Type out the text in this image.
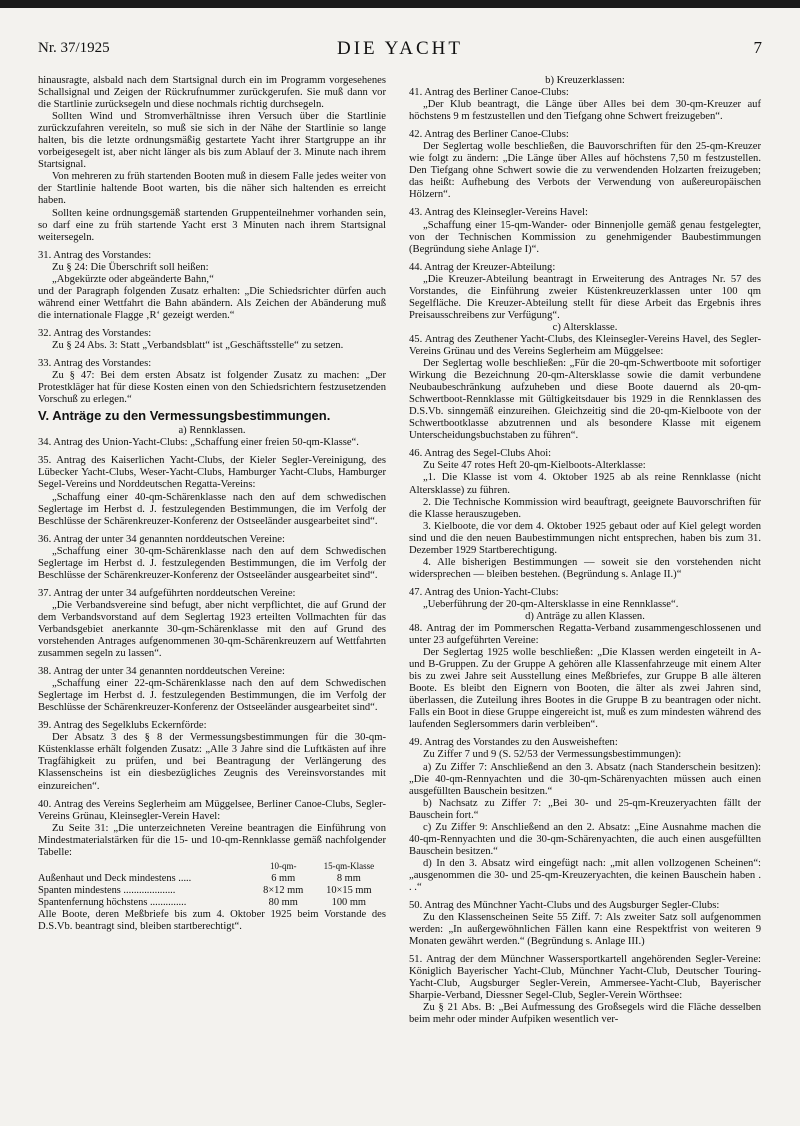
Nr. 37/1925	DIE YACHT	7

hinausragte, alsbald nach dem Startsignal durch ein im Programm vorgesehenes Schallsignal und Zeigen der Rückrufnummer zurückgerufen. Sie muß dann vor die Startlinie zurücksegeln und diese nochmals richtig durchsegeln.

Sollten Wind und Stromverhältnisse ihren Versuch über die Startlinie zurückzufahren vereiteln, so muß sie sich in der Nähe der Startlinie so lange halten, bis die letzte ordnungsmäßig gestartete Yacht ihrer Startgruppe an ihr vorbeigesegelt ist, aber nicht länger als bis zum Ablauf der 3. Minute nach ihrem Startsignal.

Von mehreren zu früh startenden Booten muß in diesem Falle jedes weiter von der Startlinie haltende Boot warten, bis die näher sich haltenden es erreicht haben.

Sollten keine ordnungsgemäß startenden Gruppenteilnehmer vorhanden sein, so darf eine zu früh startende Yacht erst 3 Minuten nach ihrem Startsignal weitersegeln.

31. Antrag des Vorstandes:

Zu § 24: Die Überschrift soll heißen:

„Abgekürzte oder abgeänderte Bahn,“

und der Paragraph folgenden Zusatz erhalten: „Die Schiedsrichter dürfen auch während einer Wettfahrt die Bahn abändern. Als Zeichen der Abänderung muß die internationale Flagge ‚R‘ gezeigt werden.“

32. Antrag des Vorstandes:

Zu § 24 Abs. 3: Statt „Verbandsblatt“ ist „Geschäftsstelle“ zu setzen.

33. Antrag des Vorstandes:

Zu § 47: Bei dem ersten Absatz ist folgender Zusatz zu machen: „Der Protestkläger hat für diese Kosten einen von den Schiedsrichtern festzusetzenden Vorschuß zu erlegen.“

V. Anträge zu den Vermessungsbestimmungen.

a) Rennklassen.

34. Antrag des Union-Yacht-Clubs: „Schaffung einer freien 50-qm-Klasse“.

35. Antrag des Kaiserlichen Yacht-Clubs, der Kieler Segler-Vereinigung, des Lübecker Yacht-Clubs, Weser-Yacht-Clubs, Hamburger Yacht-Clubs, Hamburger Segel-Vereins und Norddeutschen Regatta-Vereins:

„Schaffung einer 40-qm-Schärenklasse nach den auf dem schwedischen Seglertage im Herbst d. J. festzulegenden Bestimmungen, die im Verfolg der Beschlüsse der Schärenkreuzer-Konferenz der Ostseeländer ausgearbeitet sind“.

36. Antrag der unter 34 genannten norddeutschen Vereine:

„Schaffung einer 30-qm-Schärenklasse nach den auf dem Schwedischen Seglertage im Herbst d. J. festzulegenden Bestimmungen, die im Verfolg der Beschlüsse der Schärenkreuzer-Konferenz der Ostseeländer ausgearbeitet sind“.

37. Antrag der unter 34 aufgeführten norddeutschen Vereine:

„Die Verbandsvereine sind befugt, aber nicht verpflichtet, die auf Grund der dem Verbandsvorstand auf dem Seglertag 1923 erteilten Vollmachten für das Verbandsgebiet anerkannte 30-qm-Schärenklasse mit den auf Grund des vorstehenden Antrages aufgenommenen 30-qm-Schärenkreuzern auf Wettfahrten zusammen segeln zu lassen“.

38. Antrag der unter 34 genannten norddeutschen Vereine:

„Schaffung einer 22-qm-Schärenklasse nach den auf dem Schwedischen Seglertage im Herbst d. J. festzulegenden Bestimmungen, die im Verfolg der Beschlüsse der Schärenkreuzer-Konferenz der Ostseeländer ausgearbeitet sind“.

39. Antrag des Segelklubs Eckernförde:

Der Absatz 3 des § 8 der Vermessungsbestimmungen für die 30-qm-Küstenklasse erhält folgenden Zusatz: „Alle 3 Jahre sind die Luftkästen auf ihre Tragfähigkeit zu prüfen, und bei Beantragung der Verlängerung des Klassenscheins ist ein diesbezügliches Zeugnis des Vereinsvorstandes mit einzureichen“.

40. Antrag des Vereins Seglerheim am Müggelsee, Berliner Canoe-Clubs, Segler-Vereins Grünau, Kleinsegler-Verein Havel:

Zu Seite 31: „Die unterzeichneten Vereine beantragen die Einführung von Mindestmaterialstärken für die 15- und 10-qm-Rennklasse gemäß nachfolgender Tabelle:

	10-qm-	15-qm-Klasse
Außenhaut und Deck mindestens .....	6 mm	8 mm
Spanten mindestens ....................	8×12 mm	10×15 mm
Spantenfernung höchstens ..............	80 mm	100 mm

Alle Boote, deren Meßbriefe bis zum 4. Oktober 1925 beim Vorstande des D.S.Vb. beantragt sind, bleiben startberechtigt“.

b) Kreuzerklassen:

41. Antrag des Berliner Canoe-Clubs:

„Der Klub beantragt, die Länge über Alles bei dem 30-qm-Kreuzer auf höchstens 9 m festzustellen und den Tiefgang ohne Schwert freizugeben“.

42. Antrag des Berliner Canoe-Clubs:

Der Seglertag wolle beschließen, die Bauvorschriften für den 25-qm-Kreuzer wie folgt zu ändern: „Die Länge über Alles auf höchstens 7,50 m festzustellen. Den Tiefgang ohne Schwert sowie die zu verwendenden Holzarten freizugeben; das heißt: Aufhebung des Verbots der Verwendung von außereuropäischen Hölzern“.

43. Antrag des Kleinsegler-Vereins Havel:

„Schaffung einer 15-qm-Wander- oder Binnenjolle gemäß genau festgelegter, von der Technischen Kommission zu genehmigender Baubestimmungen (Begründung siehe Anlage I)“.

44. Antrag der Kreuzer-Abteilung:

„Die Kreuzer-Abteilung beantragt in Erweiterung des Antrages Nr. 57 des Vorstandes, die Einführung zweier Küstenkreuzerklassen unter 100 qm Segelfläche. Die Kreuzer-Abteilung stellt für diese Arbeit das Ergebnis ihres Preisausschreibens zur Verfügung“.

c) Altersklasse.

45. Antrag des Zeuthener Yacht-Clubs, des Kleinsegler-Vereins Havel, des Segler-Vereins Grünau und des Vereins Seglerheim am Müggelsee:

Der Seglertag wolle beschließen: „Für die 20-qm-Schwertboote mit sofortiger Wirkung die Bezeichnung 20-qm-Altersklasse sowie die damit verbundene Neubaubeschränkung aufzuheben und diese Boote dauernd als 20-qm-Schwertboot-Rennklasse mit Gültigkeitsdauer bis 1929 in die Rennklassen des D.S.Vb. sinngemäß einzureihen. Gleichzeitig sind die 20-qm-Kielboote von der Schwertbootklasse abzutrennen und als besondere Klasse mit eigenem Unterscheidungsbuchstaben zu führen“.

46. Antrag des Segel-Clubs Ahoi:

Zu Seite 47 rotes Heft 20-qm-Kielboots-Alterklasse:

„1. Die Klasse ist vom 4. Oktober 1925 ab als reine Rennklasse (nicht Altersklasse) zu führen.

2. Die Technische Kommission wird beauftragt, geeignete Bauvorschriften für die Klasse herauszugeben.

3. Kielboote, die vor dem 4. Oktober 1925 gebaut oder auf Kiel gelegt worden sind und die den neuen Baubestimmungen nicht entsprechen, haben bis zum 31. Dezember 1929 Startberechtigung.

4. Alle bisherigen Bestimmungen — soweit sie den vorstehenden nicht widersprechen — bleiben bestehen. (Begründung s. Anlage II.)“

47. Antrag des Union-Yacht-Clubs:

„Ueberführung der 20-qm-Altersklasse in eine Rennklasse“.

d) Anträge zu allen Klassen.

48. Antrag der im Pommerschen Regatta-Verband zusammengeschlossenen und unter 23 aufgeführten Vereine:

Der Seglertag 1925 wolle beschließen: „Die Klassen werden eingeteilt in A- und B-Gruppen. Zu der Gruppe A gehören alle Klassenfahrzeuge mit einem Alter bis zu zwei Jahre seit Ausstellung eines Meßbriefes, zur Gruppe B alle älteren Boote. Es bleibt den Eignern von Booten, die älter als zwei Jahren sind, überlassen, die Zuteilung ihres Bootes in die Gruppe B zu beantragen oder nicht. Falls ein Boot in diese Gruppe eingereicht ist, muß es zum mindesten während des laufenden Seglersommers darin verbleiben“.

49. Antrag des Vorstandes zu den Ausweisheften:

Zu Ziffer 7 und 9 (S. 52/53 der Vermessungsbestimmungen):

a) Zu Ziffer 7: Anschließend an den 3. Absatz (nach Standerschein besitzen): „Die 40-qm-Rennyachten und die 30-qm-Schärenyachten müssen auch einen ausgefüllten Bauschein besitzen.“

b) Nachsatz zu Ziffer 7: „Bei 30- und 25-qm-Kreuzeryachten fällt der Bauschein fort.“

c) Zu Ziffer 9: Anschließend an den 2. Absatz: „Eine Ausnahme machen die 40-qm-Rennyachten und die 30-qm-Schärenyachten, die auch einen ausgefüllten Bauschein besitzen.“

d) In den 3. Absatz wird eingefügt nach: „mit allen vollzogenen Scheinen“: „ausgenommen die 30- und 25-qm-Kreuzeryachten, die keinen Bauschein haben . . .“

50. Antrag des Münchner Yacht-Clubs und des Augsburger Segler-Clubs:

Zu den Klassenscheinen Seite 55 Ziff. 7: Als zweiter Satz soll aufgenommen werden: „In außergewöhnlichen Fällen kann eine Respektfrist von weiteren 9 Monaten gewährt werden.“ (Begründung s. Anlage III.)

51. Antrag der dem Münchner Wassersportkartell angehörenden Segler-Vereine: Königlich Bayerischer Yacht-Club, Münchner Yacht-Club, Deutscher Touring-Yacht-Club, Augsburger Segler-Verein, Ammersee-Yacht-Club, Bayerischer Sharpie-Verband, Diessner Segel-Club, Segler-Verein Wörthsee:

Zu § 21 Abs. B: „Bei Aufmessung des Großsegels wird die Fläche desselben beim mehr oder minder Aufpiken wesentlich ver-
